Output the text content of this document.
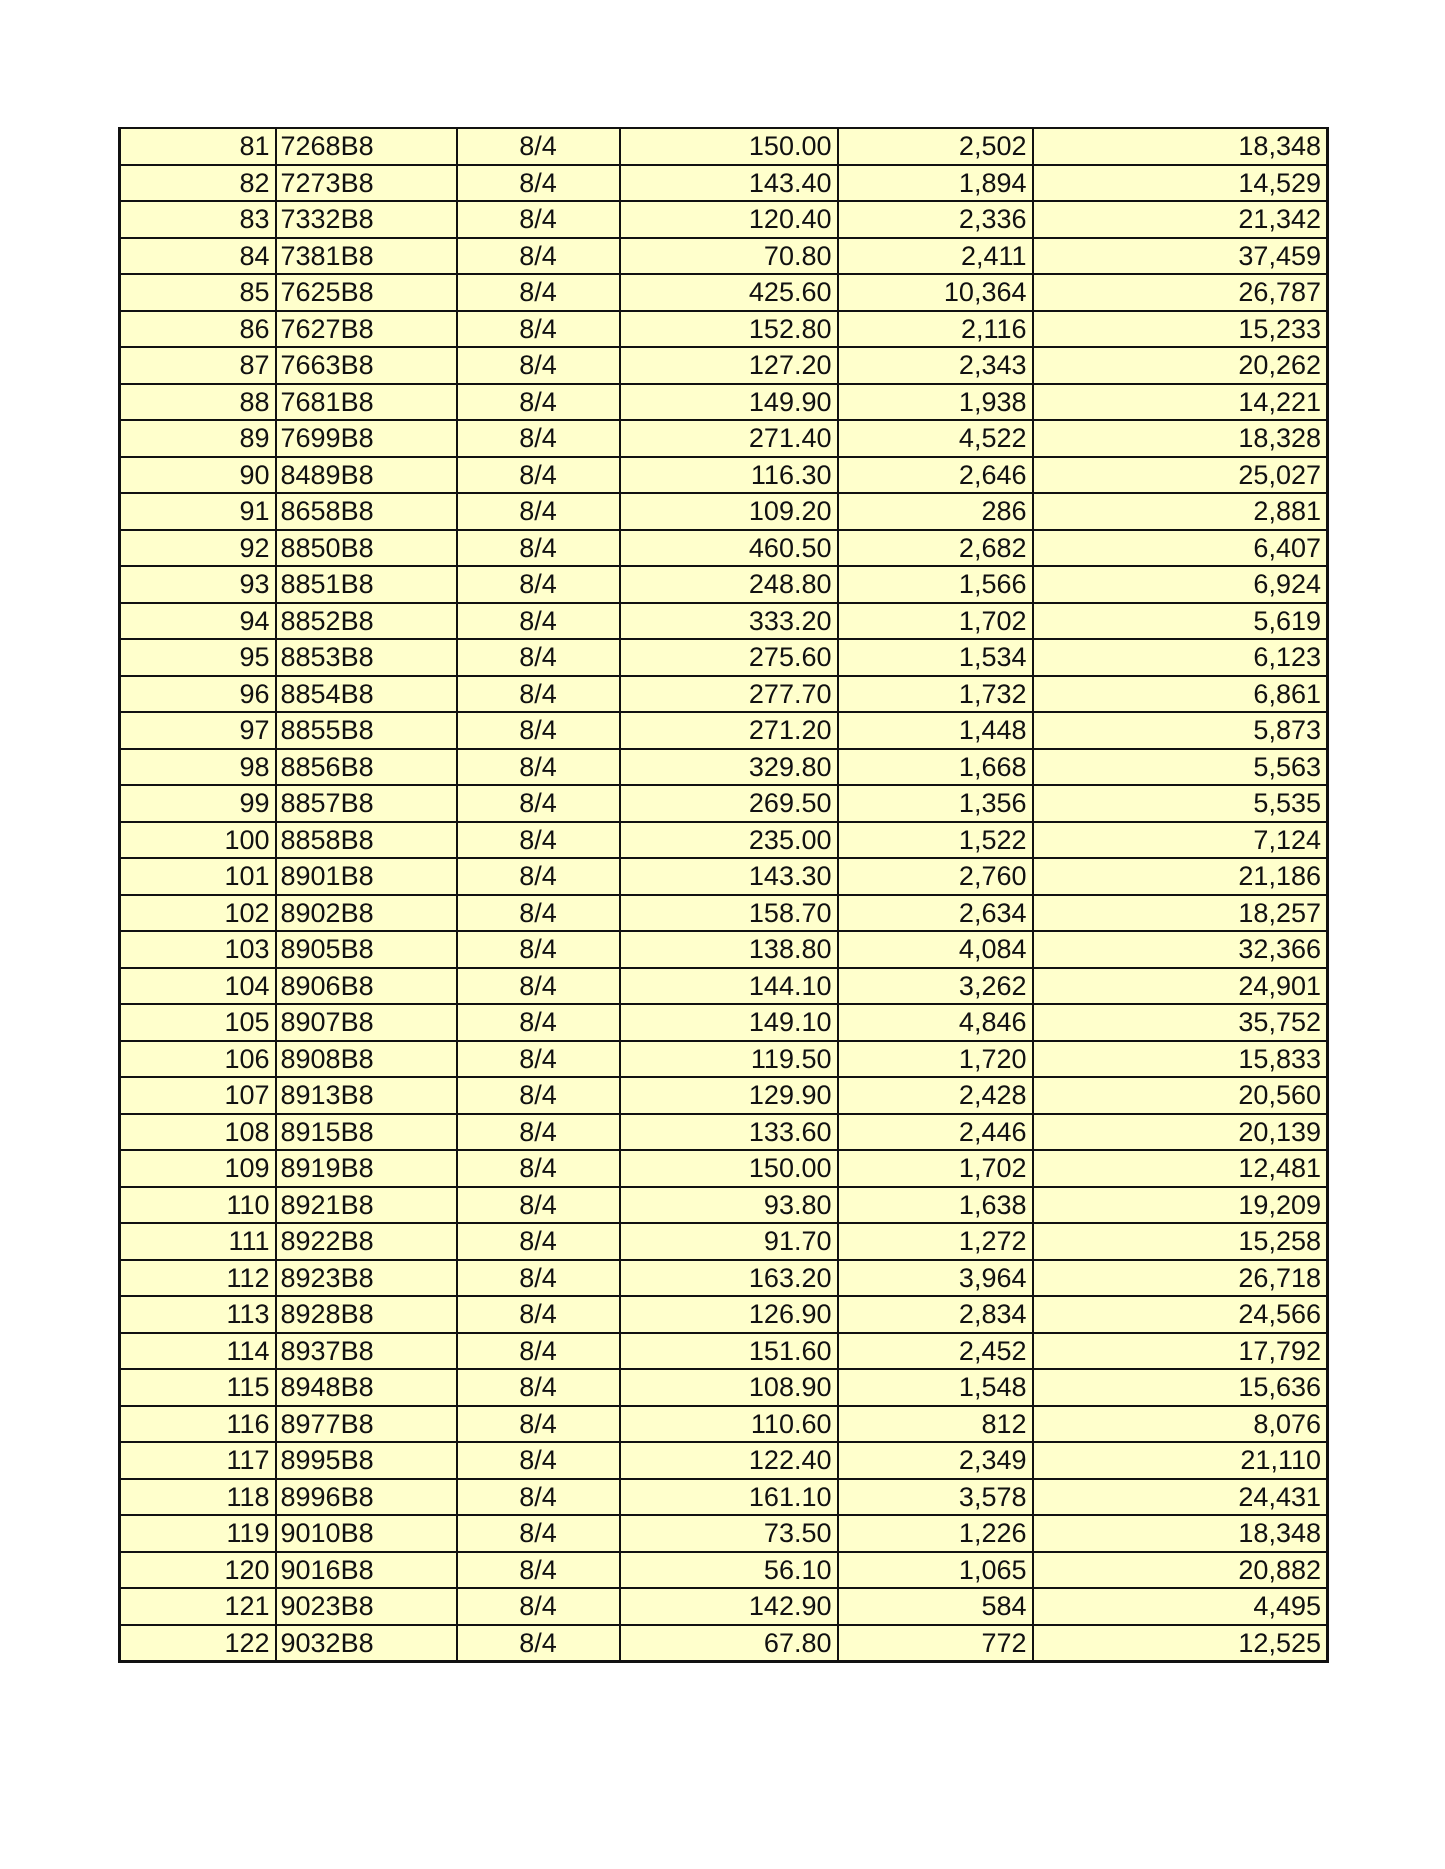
81	7268B8	8/4	150.00	2,502	18,348
82	7273B8	8/4	143.40	1,894	14,529
83	7332B8	8/4	120.40	2,336	21,342
84	7381B8	8/4	70.80	2,411	37,459
85	7625B8	8/4	425.60	10,364	26,787
86	7627B8	8/4	152.80	2,116	15,233
87	7663B8	8/4	127.20	2,343	20,262
88	7681B8	8/4	149.90	1,938	14,221
89	7699B8	8/4	271.40	4,522	18,328
90	8489B8	8/4	116.30	2,646	25,027
91	8658B8	8/4	109.20	286	2,881
92	8850B8	8/4	460.50	2,682	6,407
93	8851B8	8/4	248.80	1,566	6,924
94	8852B8	8/4	333.20	1,702	5,619
95	8853B8	8/4	275.60	1,534	6,123
96	8854B8	8/4	277.70	1,732	6,861
97	8855B8	8/4	271.20	1,448	5,873
98	8856B8	8/4	329.80	1,668	5,563
99	8857B8	8/4	269.50	1,356	5,535
100	8858B8	8/4	235.00	1,522	7,124
101	8901B8	8/4	143.30	2,760	21,186
102	8902B8	8/4	158.70	2,634	18,257
103	8905B8	8/4	138.80	4,084	32,366
104	8906B8	8/4	144.10	3,262	24,901
105	8907B8	8/4	149.10	4,846	35,752
106	8908B8	8/4	119.50	1,720	15,833
107	8913B8	8/4	129.90	2,428	20,560
108	8915B8	8/4	133.60	2,446	20,139
109	8919B8	8/4	150.00	1,702	12,481
110	8921B8	8/4	93.80	1,638	19,209
111	8922B8	8/4	91.70	1,272	15,258
112	8923B8	8/4	163.20	3,964	26,718
113	8928B8	8/4	126.90	2,834	24,566
114	8937B8	8/4	151.60	2,452	17,792
115	8948B8	8/4	108.90	1,548	15,636
116	8977B8	8/4	110.60	812	8,076
117	8995B8	8/4	122.40	2,349	21,110
118	8996B8	8/4	161.10	3,578	24,431
119	9010B8	8/4	73.50	1,226	18,348
120	9016B8	8/4	56.10	1,065	20,882
121	9023B8	8/4	142.90	584	4,495
122	9032B8	8/4	67.80	772	12,525
